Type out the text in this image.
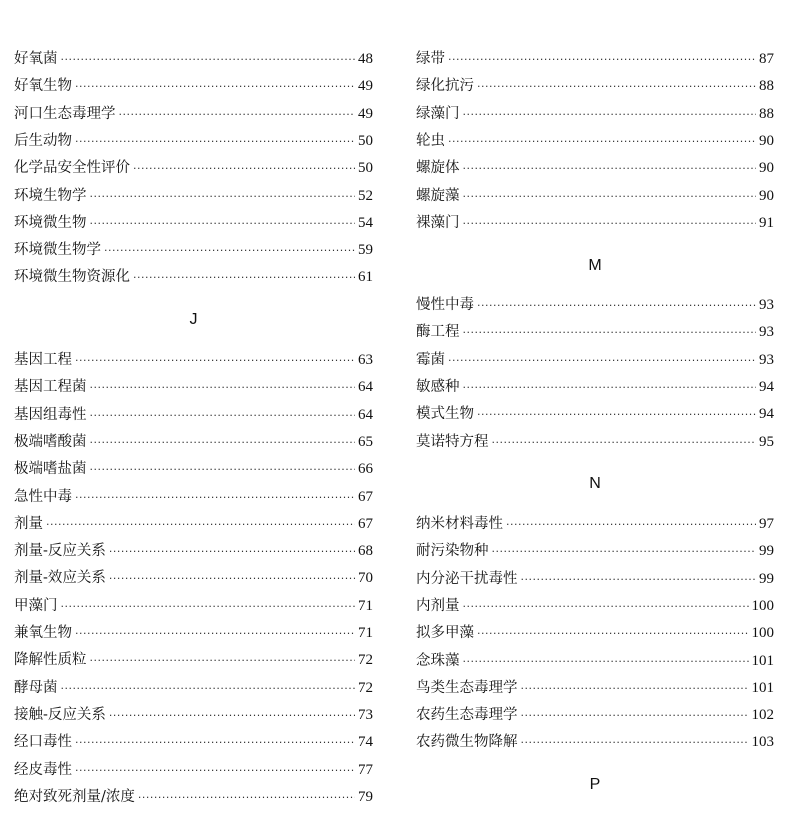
好氧菌 ·····	48
好氧生物 ·····	49
河口生态毒理学 ·····	49
后生动物 ·····	50
化学品安全性评价 ·····	50
环境生物学 ·····	52
环境微生物 ·····	54
环境微生物学 ·····	59
环境微生物资源化 ·····	61
J
基因工程 ·····	63
基因工程菌 ·····	64
基因组毒性 ·····	64
极端嗜酸菌 ·····	65
极端嗜盐菌 ·····	66
急性中毒 ·····	67
剂量 ·····	67
剂量-反应关系 ·····	68
剂量-效应关系 ·····	70
甲藻门 ·····	71
兼氧生物 ·····	71
降解性质粒 ·····	72
酵母菌 ·····	72
接触-反应关系 ·····	73
经口毒性 ·····	74
经皮毒性 ·····	77
绝对致死剂量/浓度 ·····	79
绿带 ·····	87
绿化抗污 ·····	88
绿藻门 ·····	88
轮虫 ·····	90
螺旋体 ·····	90
螺旋藻 ·····	90
裸藻门 ·····	91
M
慢性中毒 ·····	93
酶工程 ·····	93
霉菌 ·····	93
敏感种 ·····	94
模式生物 ·····	94
莫诺特方程 ·····	95
N
纳米材料毒性 ·····	97
耐污染物种 ·····	99
内分泌干扰毒性 ·····	99
内剂量 ·····	100
拟多甲藻 ·····	100
念珠藻 ·····	101
鸟类生态毒理学 ·····	101
农药生态毒理学 ·····	102
农药微生物降解 ·····	103
P
